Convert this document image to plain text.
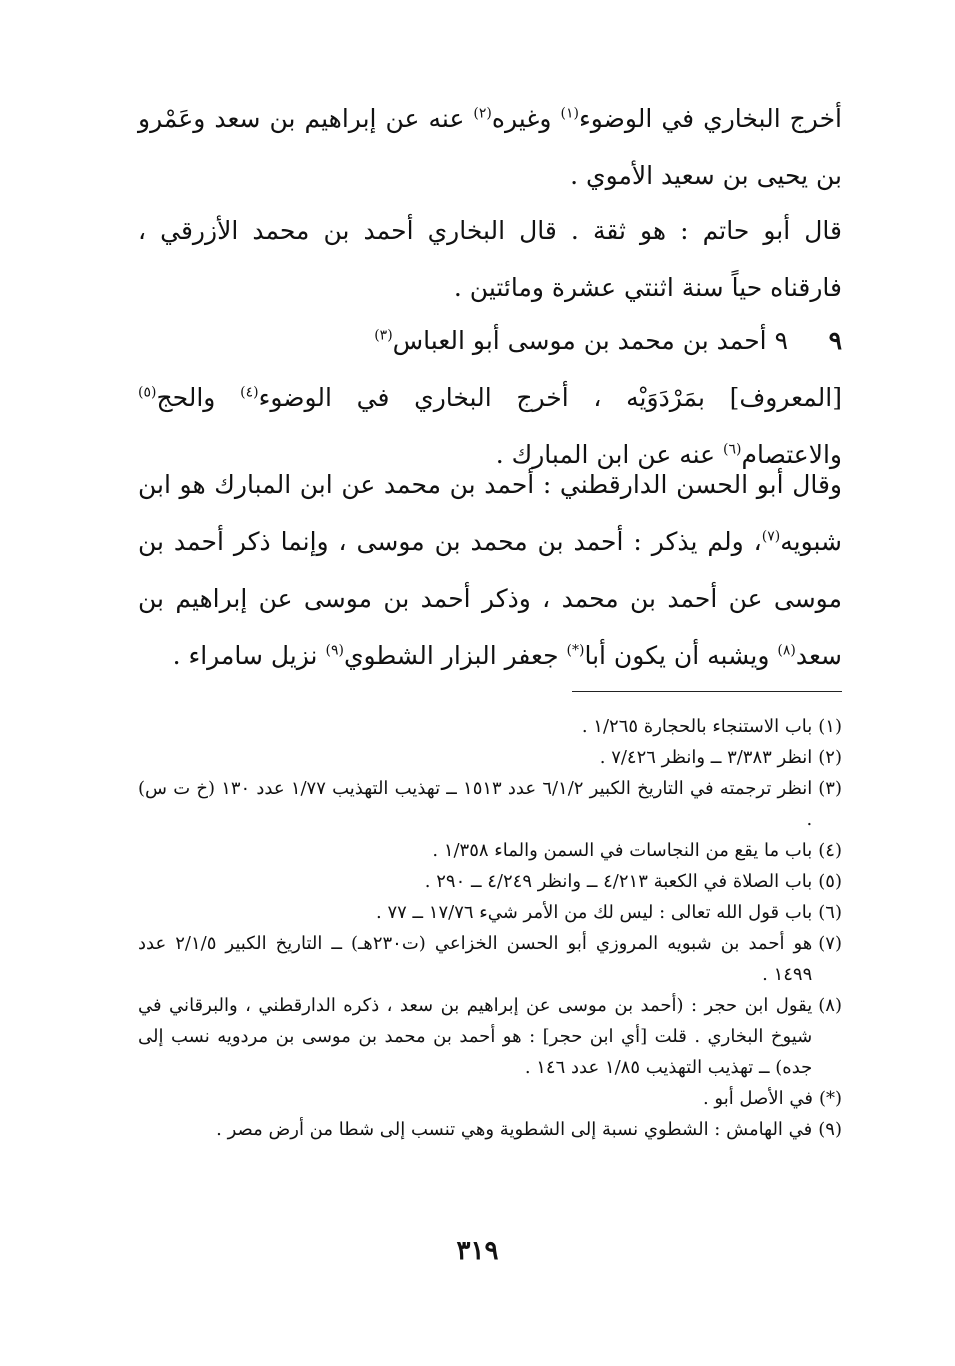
أخرج البخاري في الوضوء$^{(١)}$ وغيره$^{(٢)}$ عنه عن إبراهيم بن سعد وعَمْرو بن يحيى بن سعيد الأموي .

قال أبو حاتم : هو ثقة . قال البخاري أحمد بن محمد الأزرقي ، فارقناه حياً سنة اثنتي عشرة ومائتين .

٩
٩ أحمد بن محمد بن موسى أبو العباس$^{(٣)}$

[المعروف] بمَرْدَوَيْه ، أخرج البخاري في الوضوء$^{(٤)}$ والحج$^{(٥)}$ والاعتصام$^{(٦)}$ عنه عن ابن المبارك .

وقال أبو الحسن الدارقطني : أحمد بن محمد عن ابن المبارك هو ابن شبويه$^{(٧)}$، ولم يذكر : أحمد بن محمد بن موسى ، وإنما ذكر أحمد بن موسى عن أحمد بن محمد ، وذكر أحمد بن موسى عن إبراهيم بن سعد$^{(٨)}$ ويشبه أن يكون أبا(*) جعفر البزار الشطوي$^{(٩)}$ نزيل سامراء .

(١)
باب الاستنجاء بالحجارة ١/٢٦٥ .
(٢)
انظر ٣/٣٨٣ ــ وانظر ٧/٤٢٦ .
(٣)
انظر ترجمته في التاريخ الكبير ٦/١/٢ عدد ١٥١٣ ــ تهذيب التهذيب ١/٧٧ عدد ١٣٠ (خ ت س) .
(٤)
باب ما يقع من النجاسات في السمن والماء ١/٣٥٨ .
(٥)
باب الصلاة في الكعبة ٤/٢١٣ ــ وانظر ٤/٢٤٩ ــ ٢٩٠ .
(٦)
باب قول الله تعالى : ليس لك من الأمر شيء ١٧/٧٦ ــ ٧٧ .
(٧)
هو أحمد بن شبويه المروزي أبو الحسن الخزاعي (ت٢٣٠هـ) ــ التاريخ الكبير ٢/١/٥ عدد ١٤٩٩ .
(٨)
يقول ابن حجر : (أحمد بن موسى عن إبراهيم بن سعد ، ذكره الدارقطني ، والبرقاني في شيوخ البخاري . قلت [أي ابن حجر] : هو أحمد بن محمد بن موسى بن مردويه نسب إلى جده) ــ تهذيب التهذيب ١/٨٥ عدد ١٤٦ .
(*)
في الأصل أبو .
(٩)
في الهامش : الشطوي نسبة إلى الشطوية وهي تنسب إلى شطا من أرض مصر .
٣١٩
